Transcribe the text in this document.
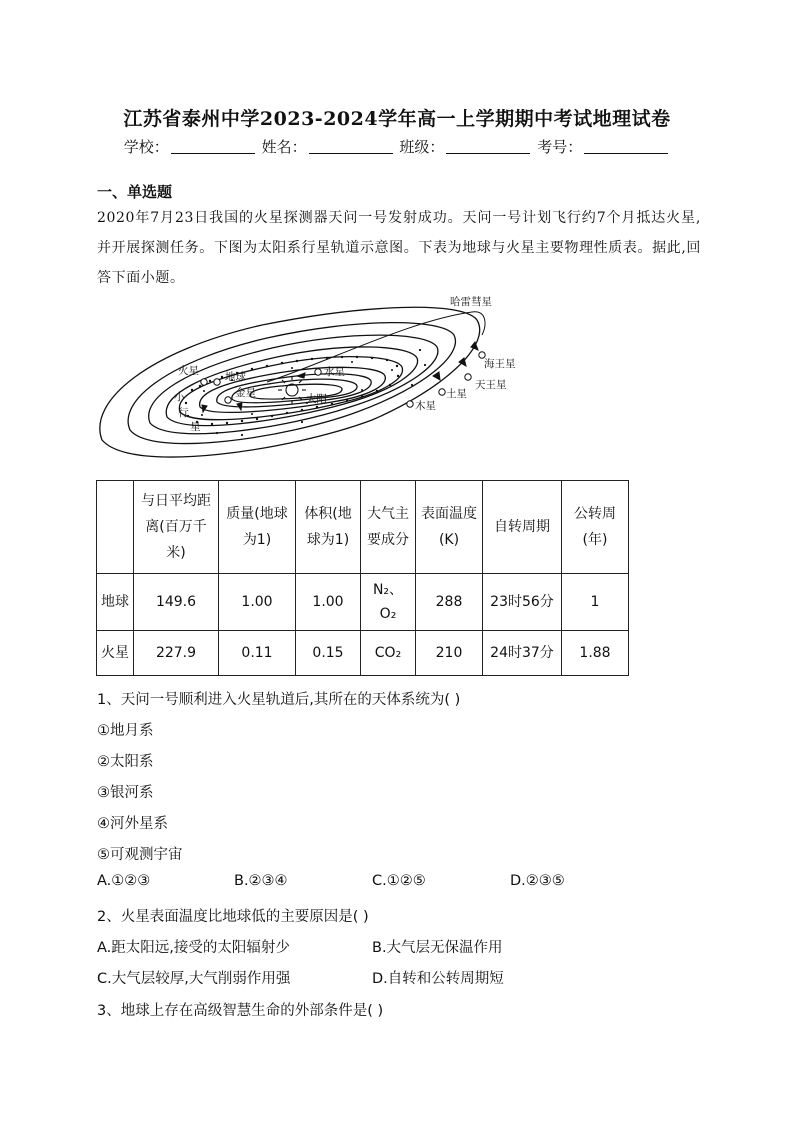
江苏省泰州中学2023-2024学年高一上学期期中考试地理试卷
学校：	姓名：	班级：	考号：
一、单选题
2020年7月23日我国的火星探测器天问一号发射成功。天问一号计划飞行约7个月抵达火星,并开展探测任务。下图为太阳系行星轨道示意图。下表为地球与火星主要物理性质表。据此,回答下面小题。
哈雷彗星
海王星
天王星
土星
木星
水星
太阳
金星
地球
火星
小
行
星
	与日平均距离(百万千米)	质量(地球为1)	体积(地球为1)	大气主要成分	表面温度(K)	自转周期	公转周(年)
地球	149.6	1.00	1.00	N₂、O₂	288	23时56分	1
火星	227.9	0.11	0.15	CO₂	210	24时37分	1.88
1、天问一号顺利进入火星轨道后,其所在的天体系统为( )
①地月系
②太阳系
③银河系
④河外星系
⑤可观测宇宙
A.①②③	B.②③④	C.①②⑤	D.②③⑤
2、火星表面温度比地球低的主要原因是( )
A.距太阳远,接受的太阳辐射少	B.大气层无保温作用
C.大气层较厚,大气削弱作用强	D.自转和公转周期短
3、地球上存在高级智慧生命的外部条件是( )
